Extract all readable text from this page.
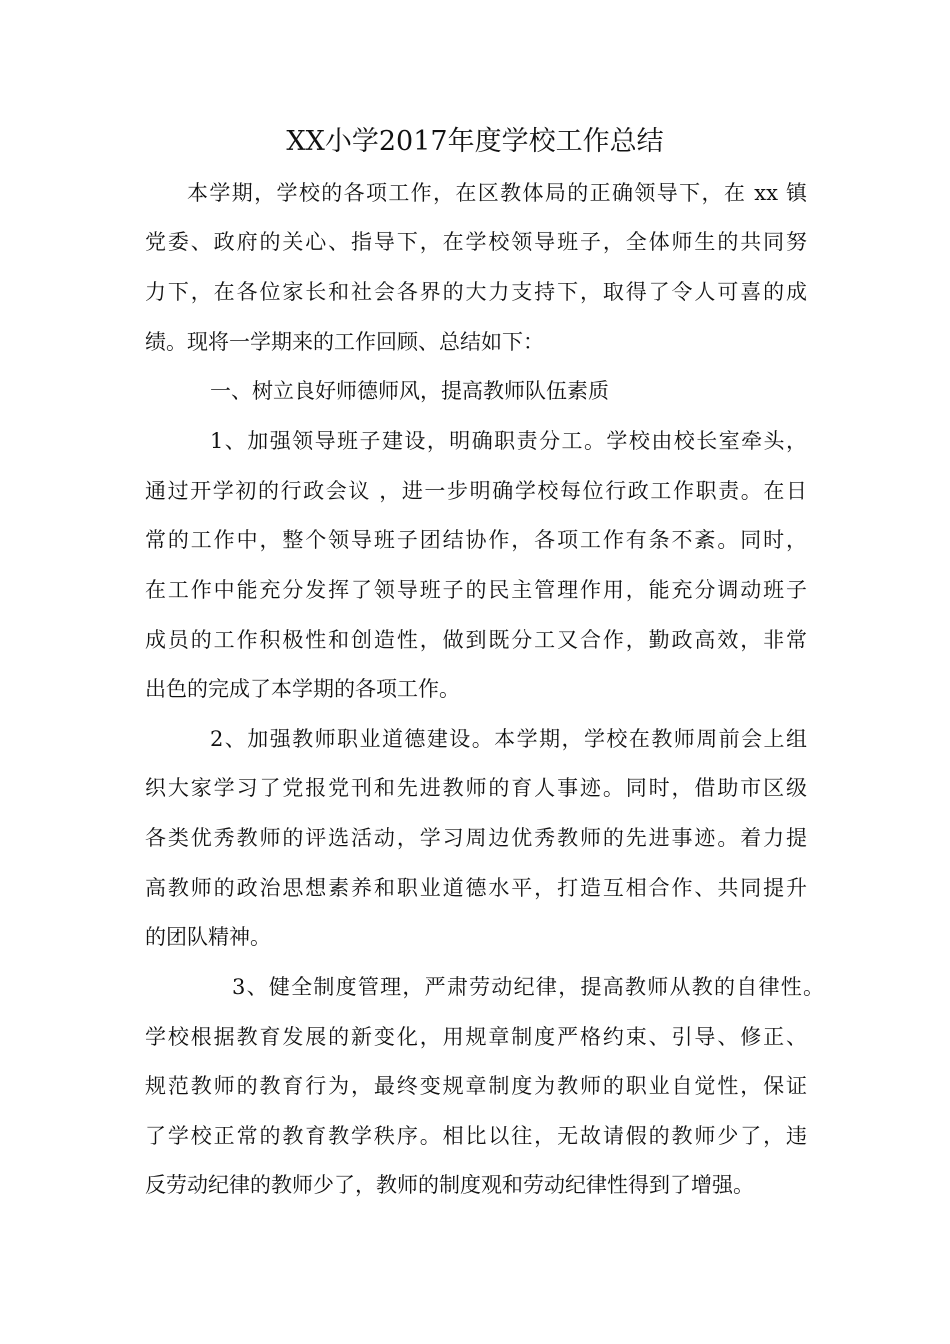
XX小学2017年度学校工作总结
本学期，学校的各项工作，在区教体局的正确领导下，在 xx 镇
党委、政府的关心、指导下，在学校领导班子，全体师生的共同努
力下，在各位家长和社会各界的大力支持下，取得了令人可喜的成
绩。现将一学期来的工作回顾、总结如下：
一、树立良好师德师风，提高教师队伍素质
1、加强领导班子建设，明确职责分工。学校由校长室牵头，
通过开学初的行政会议 ，进一步明确学校每位行政工作职责。在日
常的工作中，整个领导班子团结协作，各项工作有条不紊。同时，
在工作中能充分发挥了领导班子的民主管理作用，能充分调动班子
成员的工作积极性和创造性，做到既分工又合作，勤政高效，非常
出色的完成了本学期的各项工作。
2、加强教师职业道德建设。本学期，学校在教师周前会上组
织大家学习了党报党刊和先进教师的育人事迹。同时，借助市区级
各类优秀教师的评选活动，学习周边优秀教师的先进事迹。着力提
高教师的政治思想素养和职业道德水平，打造互相合作、共同提升
的团队精神。
3、健全制度管理，严肃劳动纪律，提高教师从教的自律性。
学校根据教育发展的新变化，用规章制度严格约束、引导、修正、
规范教师的教育行为，最终变规章制度为教师的职业自觉性，保证
了学校正常的教育教学秩序。相比以往，无故请假的教师少了，违
反劳动纪律的教师少了，教师的制度观和劳动纪律性得到了增强。
